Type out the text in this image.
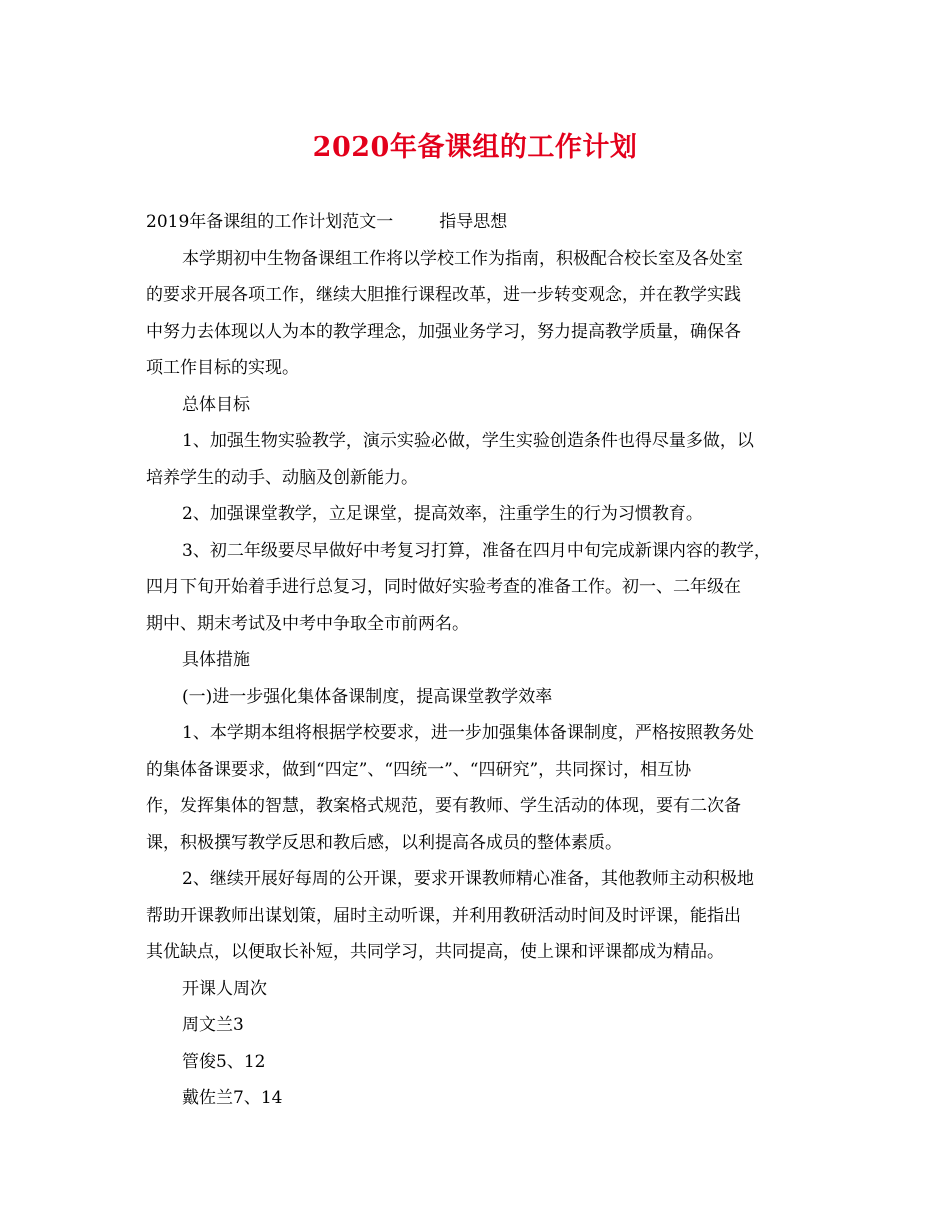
2020年备课组的工作计划
2019年备课组的工作计划范文一	指导思想
本学期初中生物备课组工作将以学校工作为指南，积极配合校长室及各处室
的要求开展各项工作，继续大胆推行课程改革，进一步转变观念，并在教学实践
中努力去体现以人为本的教学理念，加强业务学习，努力提高教学质量，确保各
项工作目标的实现。
总体目标
1、加强生物实验教学，演示实验必做，学生实验创造条件也得尽量多做，以
培养学生的动手、动脑及创新能力。
2、加强课堂教学，立足课堂，提高效率，注重学生的行为习惯教育。
3、初二年级要尽早做好中考复习打算，准备在四月中旬完成新课内容的教学，
四月下旬开始着手进行总复习，同时做好实验考查的准备工作。初一、二年级在
期中、期末考试及中考中争取全市前两名。
具体措施
(一)进一步强化集体备课制度，提高课堂教学效率
1、本学期本组将根据学校要求，进一步加强集体备课制度，严格按照教务处
的集体备课要求，做到“四定”、“四统一”、“四研究”，共同探讨，相互协
作，发挥集体的智慧，教案格式规范，要有教师、学生活动的体现，要有二次备
课，积极撰写教学反思和教后感，以利提高各成员的整体素质。
2、继续开展好每周的公开课，要求开课教师精心准备，其他教师主动积极地
帮助开课教师出谋划策，届时主动听课，并利用教研活动时间及时评课，能指出
其优缺点，以便取长补短，共同学习，共同提高，使上课和评课都成为精品。
开课人周次
周文兰3
管俊5、12
戴佐兰7、14
